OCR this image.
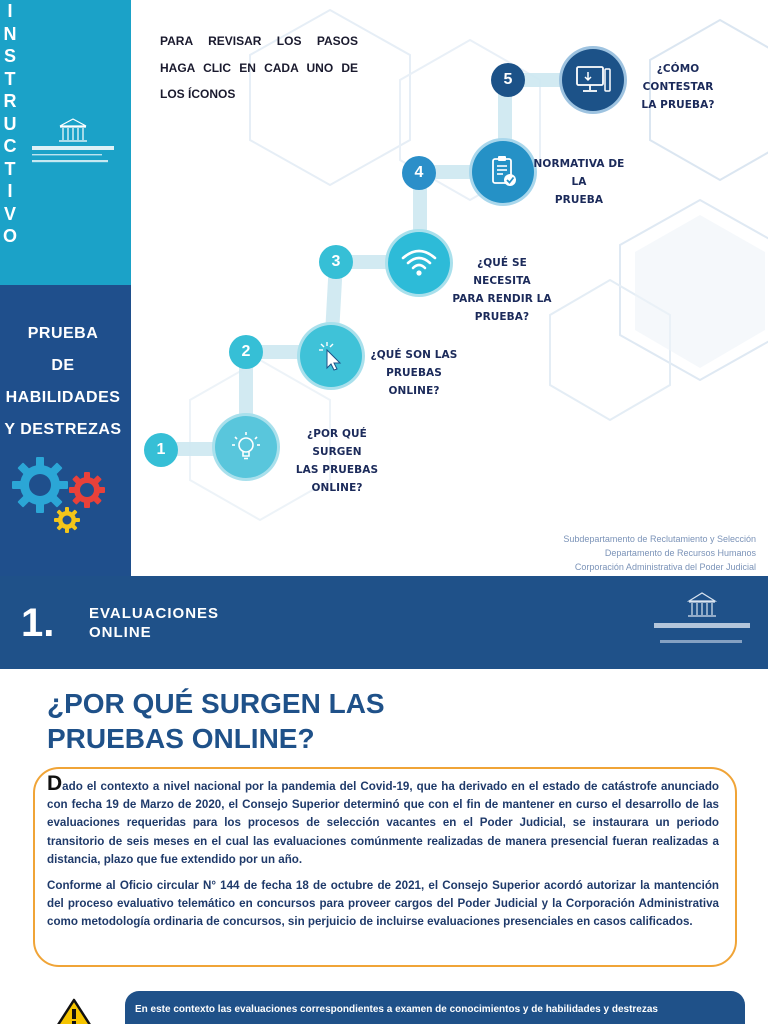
I
N
S
T
R
U
C
T
I
V
O
PRUEBA
DE
HABILIDADES
Y DESTREZAS
PARA REVISAR LOS PASOS
HAGA CLIC EN CADA UNO DE
LOS ÍCONOS
1
¿POR QUÉ SURGEN
LAS PRUEBAS
ONLINE?
2	¿QUÉ SON LAS
PRUEBAS ONLINE?
3	¿QUÉ SE NECESITA
PARA RENDIR LA
PRUEBA?
4	NORMATIVA DE LA
PRUEBA
5
¿CÓMO CONTESTAR
LA PRUEBA?
Subdepartamento de Reclutamiento y Selección
Departamento de Recursos Humanos
Corporación Administrativa del Poder Judicial
1. EVALUACIONES
ONLINE
¿POR QUÉ SURGEN LAS
PRUEBAS ONLINE?

Dado el contexto a nivel nacional por la pandemia del Covid-19, que ha derivado en el estado de catástrofe anunciado con fecha 19 de Marzo de 2020, el Consejo Superior determinó que con el fin de mantener en curso el desarrollo de las evaluaciones requeridas para los procesos de selección vacantes en el Poder Judicial, se instaurara un periodo transitorio de seis meses en el cual las evaluaciones comúnmente realizadas de manera presencial fueran realizadas a distancia, plazo que fue extendido por un año.

Conforme al Oficio circular N° 144 de fecha 18 de octubre de 2021, el Consejo Superior acordó autorizar la mantención del proceso evaluativo telemático en concursos para proveer cargos del Poder Judicial y la Corporación Administrativa como metodología ordinaria de concursos, sin perjuicio de incluirse evaluaciones presenciales en casos calificados.

En este contexto las evaluaciones correspondientes a examen de conocimientos y de habilidades y destrezas
